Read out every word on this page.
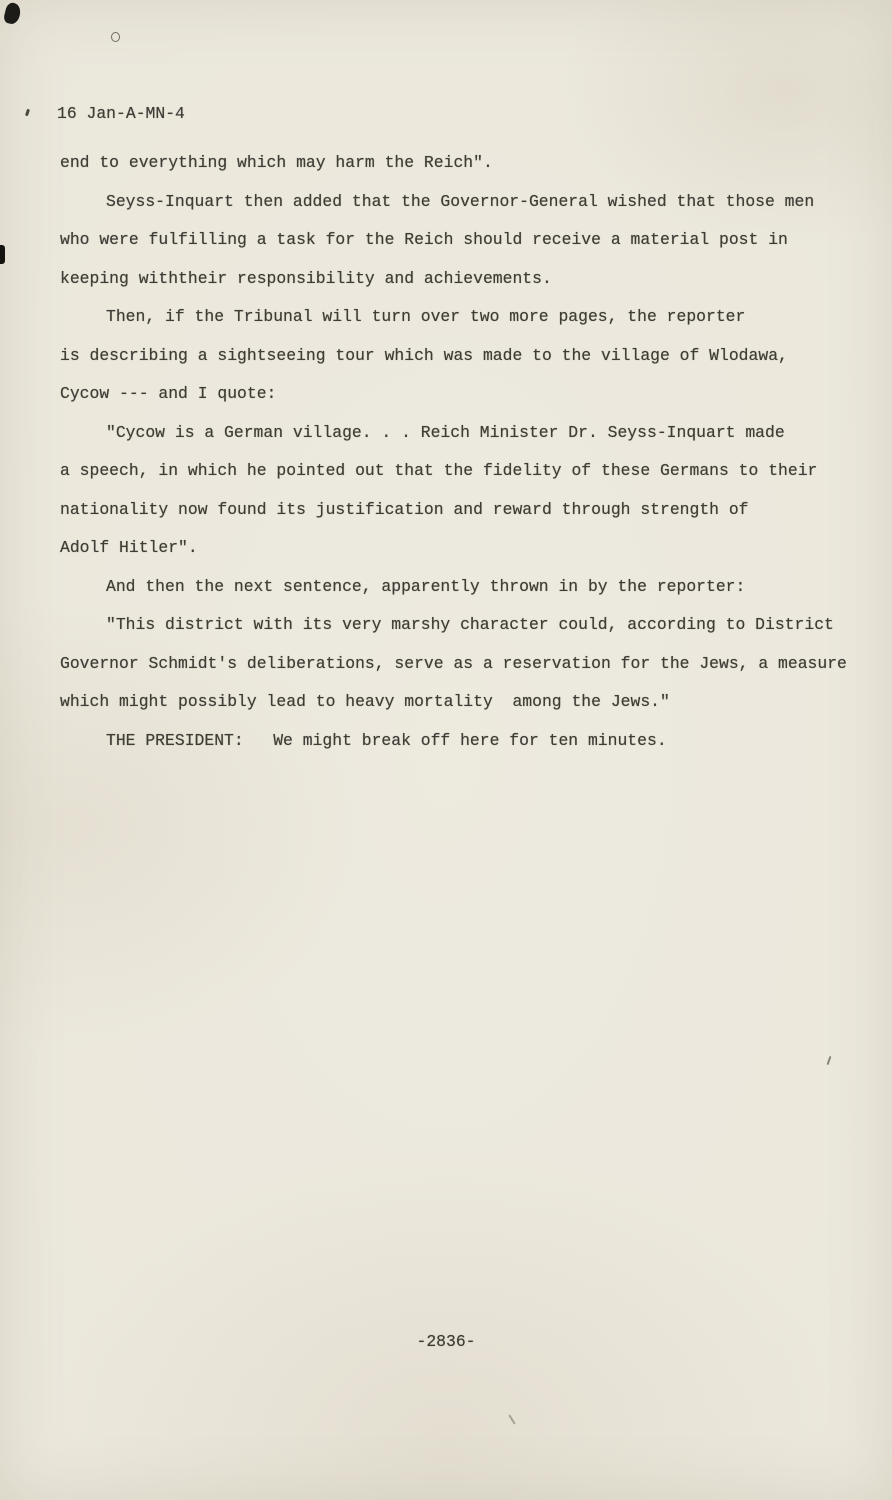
16 Jan-A-MN-4
end to everything which may harm the Reich".
Seyss-Inquart then added that the Governor-General wished that those men
who were fulfilling a task for the Reich should receive a material post in
keeping withtheir responsibility and achievements.
Then, if the Tribunal will turn over two more pages, the reporter
is describing a sightseeing tour which was made to the village of Wlodawa,
Cycow --- and I quote:
"Cycow is a German village. . . Reich Minister Dr. Seyss-Inquart made
a speech, in which he pointed out that the fidelity of these Germans to their
nationality now found its justification and reward through strength of
Adolf Hitler".
And then the next sentence, apparently thrown in by the reporter:
"This district with its very marshy character could, according to District
Governor Schmidt's deliberations, serve as a reservation for the Jews, a measure
which might possibly lead to heavy mortality  among the Jews."
THE PRESIDENT:   We might break off here for ten minutes.
-2836-
